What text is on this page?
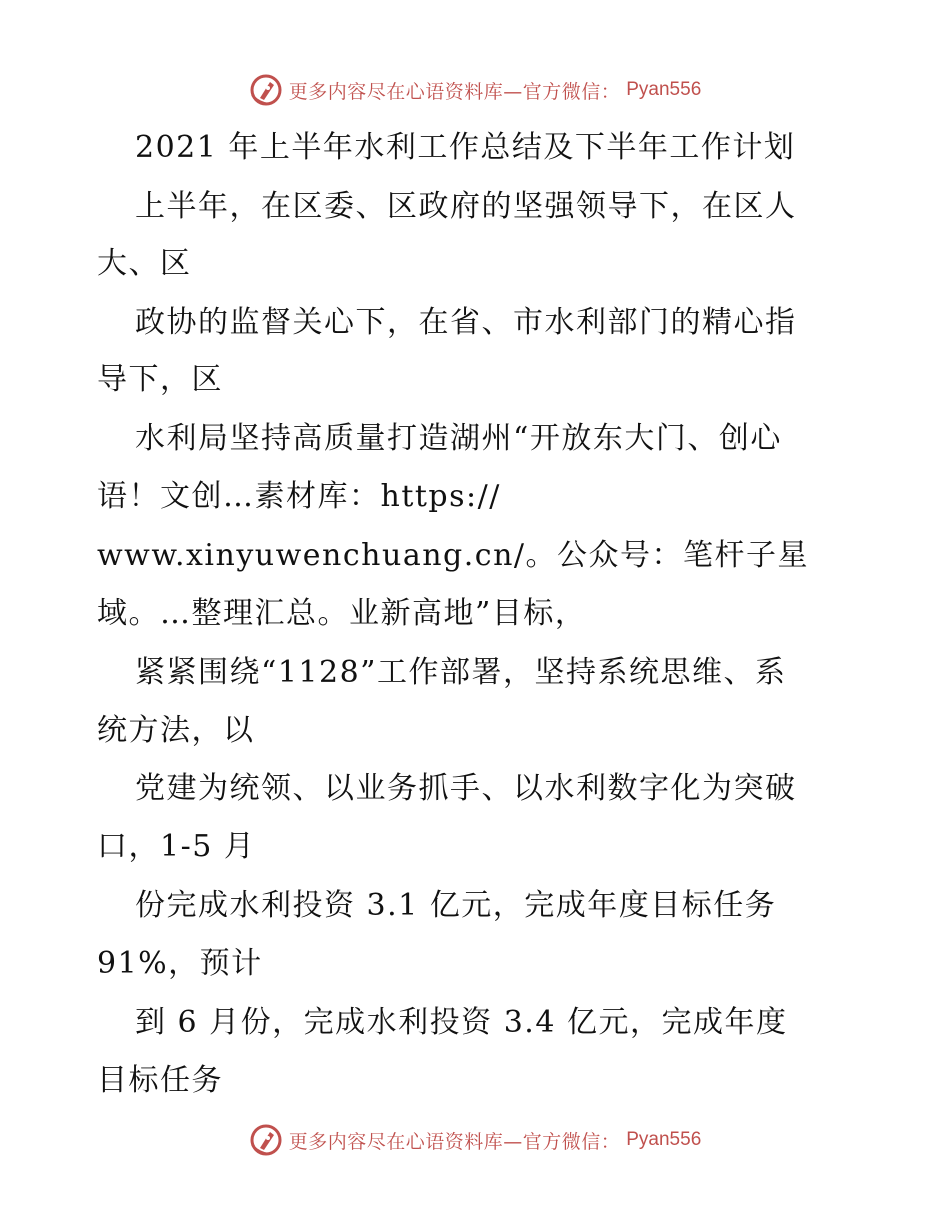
更多内容尽在心语资料库—官方微信： Pyan556
2021 年上半年水利工作总结及下半年工作计划
上半年，在区委、区政府的坚强领导下，在区人
大、区
政协的监督关心下，在省、市水利部门的精心指
导下，区
水利局坚持高质量打造湖州“开放东大门、创心
语！文创…素材库：https://
www.xinyuwenchuang.cn/。公众号：笔杆子星
域。…整理汇总。业新高地”目标，
紧紧围绕“1128”工作部署，坚持系统思维、系
统方法，以
党建为统领、以业务抓手、以水利数字化为突破
口，1-5 月
份完成水利投资 3.1 亿元，完成年度目标任务
91%，预计
到 6 月份，完成水利投资 3.4 亿元，完成年度
目标任务
更多内容尽在心语资料库—官方微信： Pyan556
